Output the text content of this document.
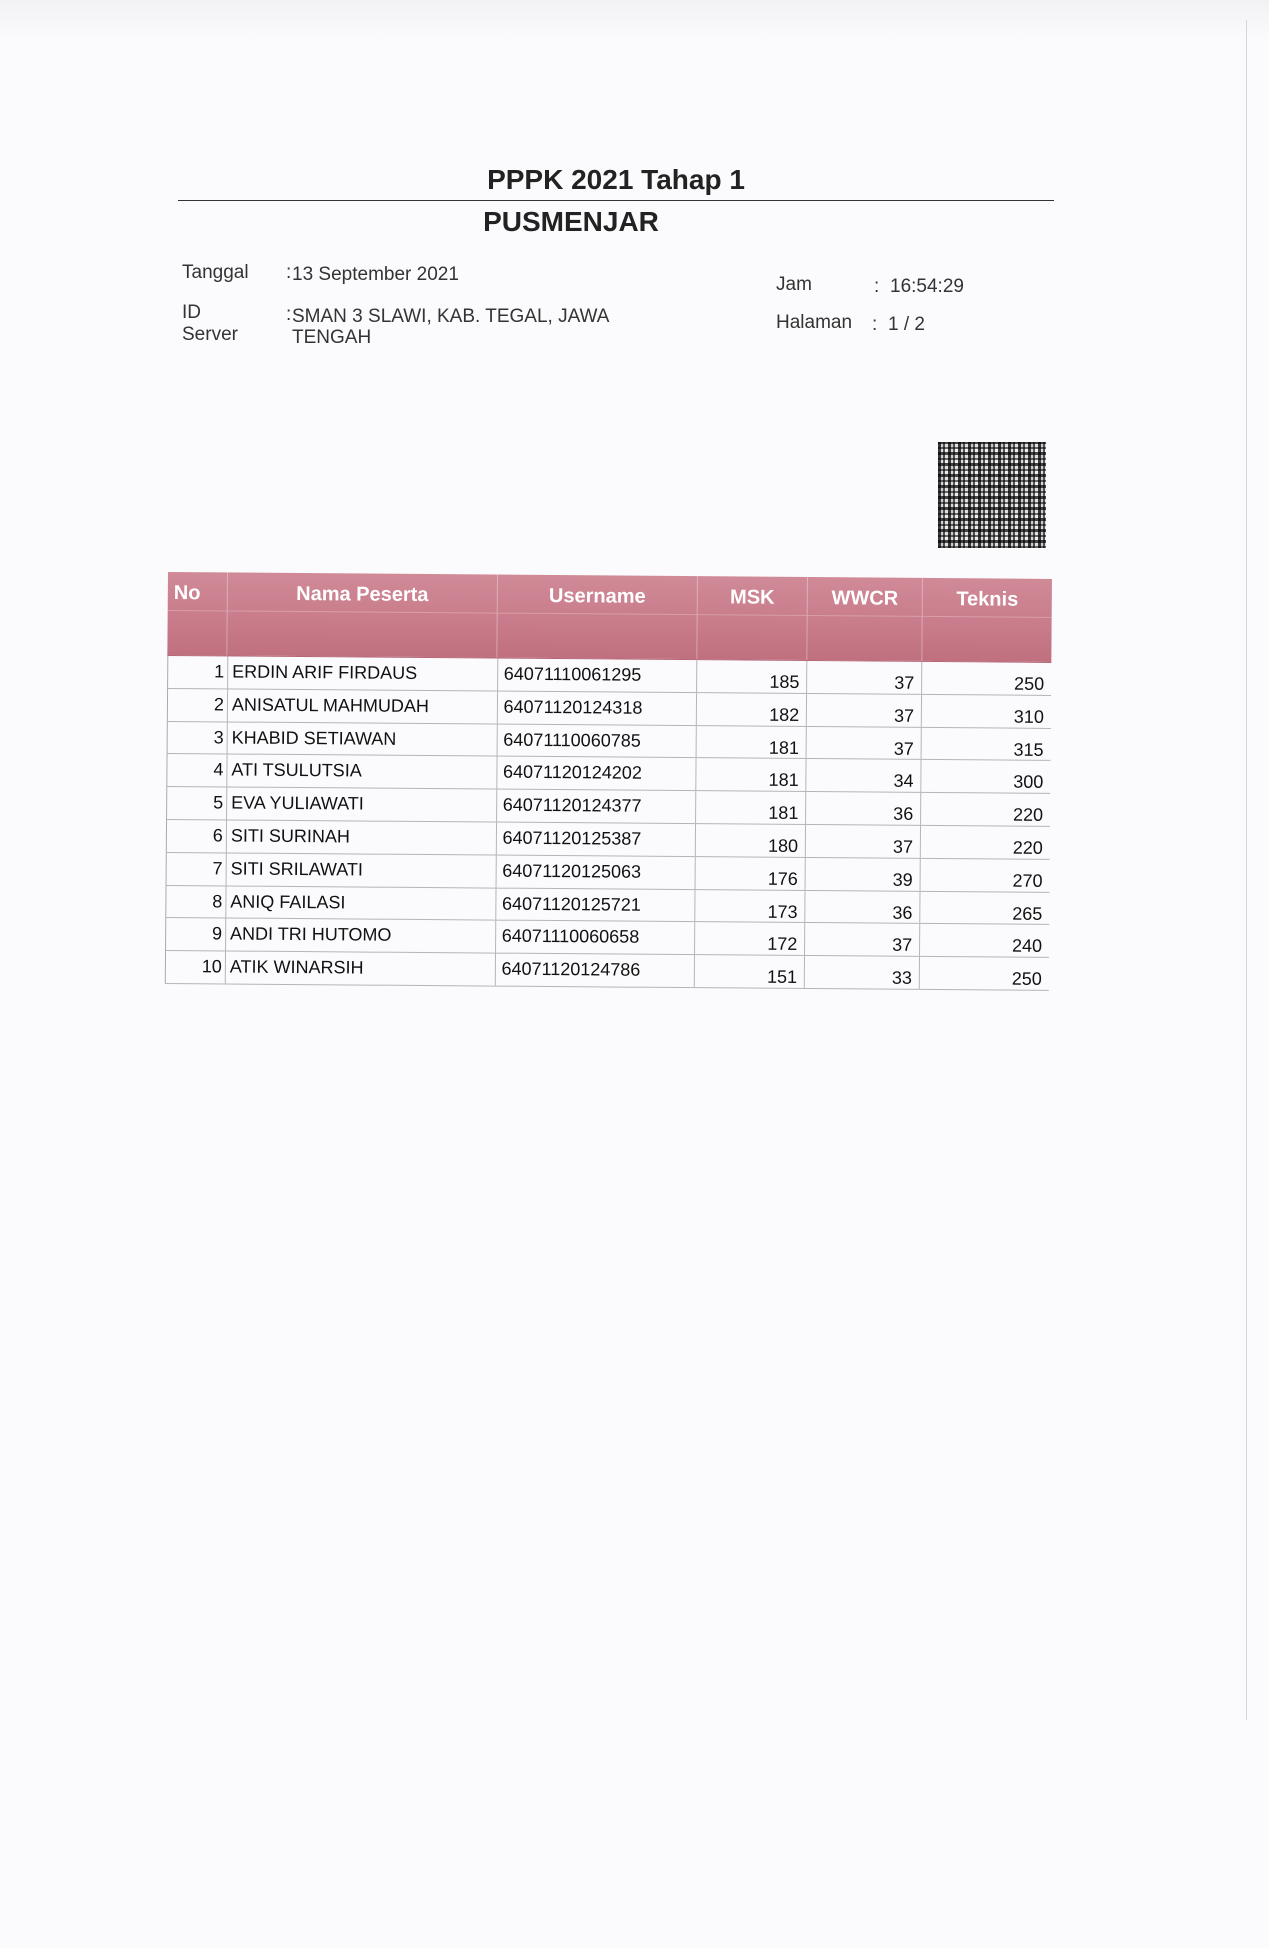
PPPK 2021 Tahap 1
PUSMENJAR
Tanggal : 13 September 2021
ID
Server
: SMAN 3 SLAWI, KAB. TEGAL, JAWA
TENGAH
Jam	: 16:54:29
Halaman : 1 / 2
No	Nama Peserta	Username	MSK	WWCR	Teknis
1 ERDIN ARIF FIRDAUS	64071110061295	185	37	250
2 ANISATUL MAHMUDAH	64071120124318	182	37	310
3 KHABID SETIAWAN	64071110060785	181	37	315
4 ATI TSULUTSIA	64071120124202	181	34	300
5 EVA YULIAWATI	64071120124377	181	36	220
6 SITI SURINAH	64071120125387	180	37	220
7 SITI SRILAWATI	64071120125063	176	39	270
8 ANIQ FAILASI	64071120125721	173	36	265
9 ANDI TRI HUTOMO	64071110060658	172	37	240
10 ATIK WINARSIH	64071120124786	151	33	250
